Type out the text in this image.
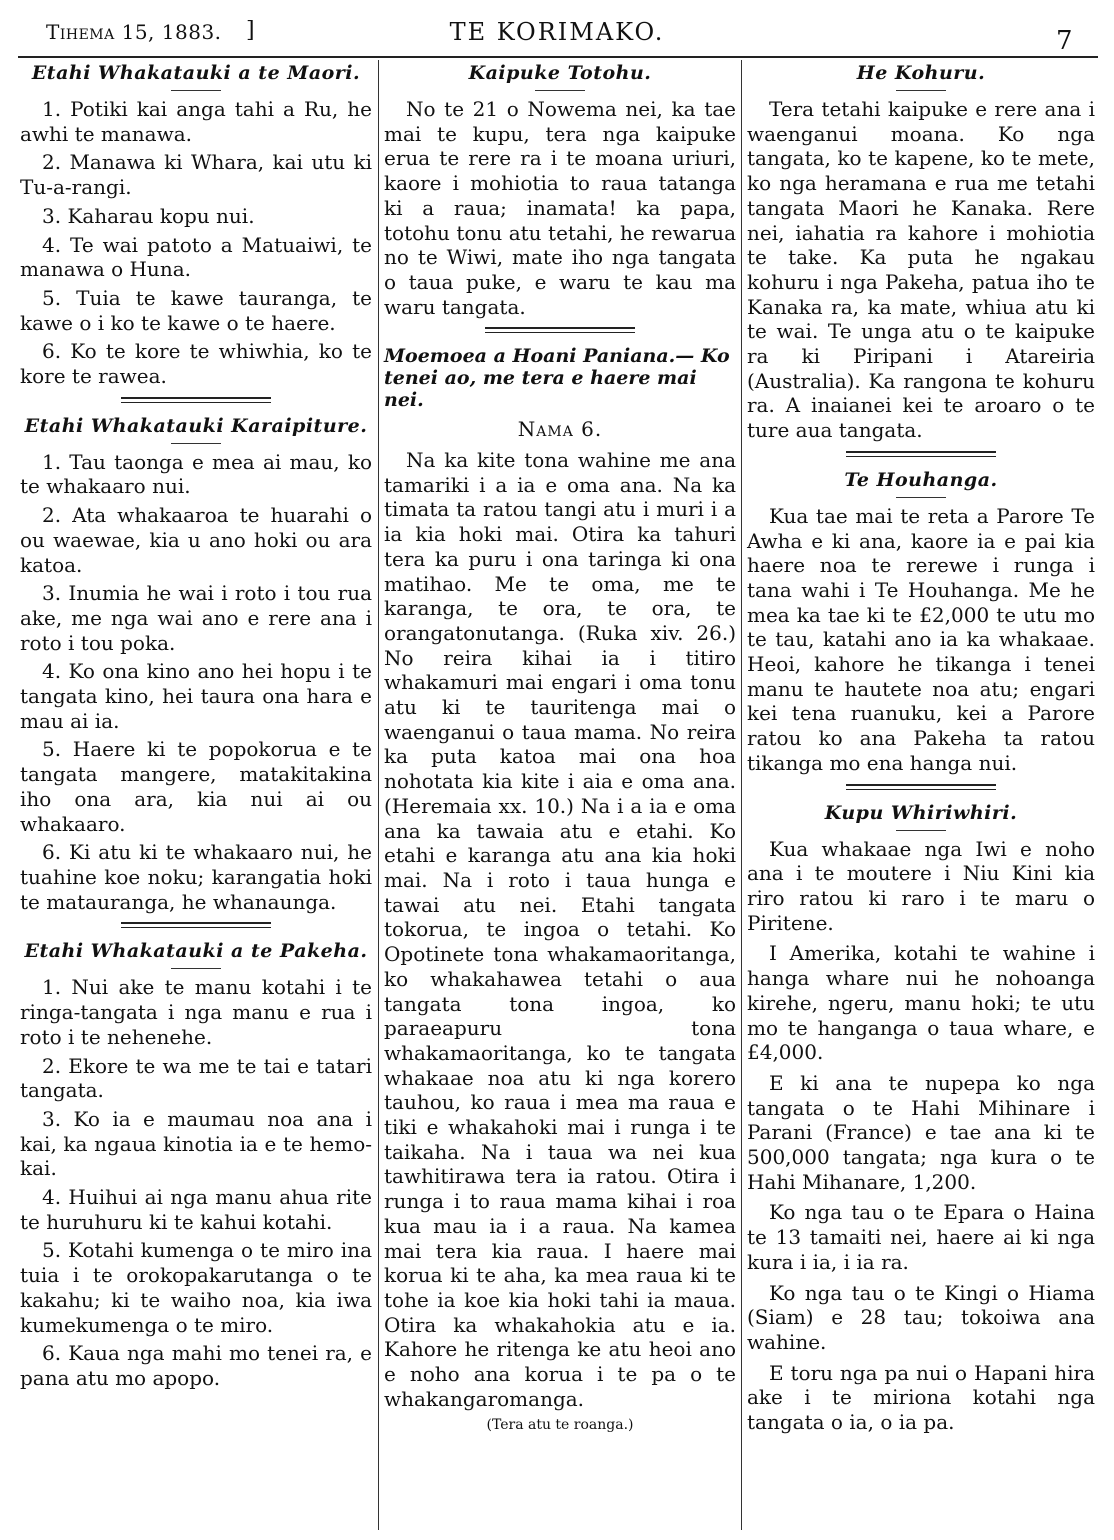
Tihema 15, 1883. ]	TE KORIMAKO.	7

Etahi Whakatauki a te Maori.

1. Potiki kai anga tahi a Ru, he awhi te manawa.

2. Manawa ki Whara, kai utu ki Tu-a-rangi.

3. Kaharau kopu nui.

4. Te wai patoto a Matuaiwi, te manawa o Huna.

5. Tuia te kawe tauranga, te kawe o i ko te kawe o te haere.

6. Ko te kore te whiwhia, ko te kore te rawea.

Etahi Whakatauki Karaipiture.

1. Tau taonga e mea ai mau, ko te whakaaro nui.

2. Ata whakaaroa te huarahi o ou waewae, kia u ano hoki ou ara katoa.

3. Inumia he wai i roto i tou rua ake, me nga wai ano e rere ana i roto i tou poka.

4. Ko ona kino ano hei hopu i te tangata kino, hei taura ona hara e mau ai ia.

5. Haere ki te popokorua e te tangata mangere, matakitakina iho ona ara, kia nui ai ou whakaaro.

6. Ki atu ki te whakaaro nui, he tuahine koe noku; karangatia hoki te matauranga, he whanaunga.

Etahi Whakatauki a te Pakeha.

1. Nui ake te manu kotahi i te ringa-tangata i nga manu e rua i roto i te nehenehe.

2. Ekore te wa me te tai e tatari tangata.

3. Ko ia e maumau noa ana i kai, ka ngaua kinotia ia e te hemo-kai.

4. Huihui ai nga manu ahua rite te huruhuru ki te kahui kotahi.

5. Kotahi kumenga o te miro ina tuia i te orokopakarutanga o te kakahu; ki te waiho noa, kia iwa kumekumenga o te miro.

6. Kaua nga mahi mo tenei ra, e pana atu mo apopo.

Kaipuke Totohu.

No te 21 o Nowema nei, ka tae mai te kupu, tera nga kaipuke erua te rere ra i te moana uriuri, kaore i mohiotia to raua tatanga ki a raua; inamata! ka papa, totohu tonu atu tetahi, he rewarua no te Wiwi, mate iho nga tangata o taua puke, e waru te kau ma waru tangata.

Moemoea a Hoani Paniana.— Ko tenei ao, me tera e haere mai nei.

Nama 6.

Na ka kite tona wahine me ana tamariki i a ia e oma ana. Na ka timata ta ratou tangi atu i muri i a ia kia hoki mai. Otira ka tahuri tera ka puru i ona taringa ki ona matihao. Me te oma, me te karanga, te ora, te ora, te orangatonutanga. (Ruka xiv. 26.) No reira kihai ia i titiro whakamuri mai engari i oma tonu atu ki te tauritenga mai o waenganui o taua mama. No reira ka puta katoa mai ona hoa nohotata kia kite i aia e oma ana. (Heremaia xx. 10.) Na i a ia e oma ana ka tawaia atu e etahi. Ko etahi e karanga atu ana kia hoki mai. Na i roto i taua hunga e tawai atu nei. Etahi tangata tokorua, te ingoa o tetahi. Ko Opotinete tona whakamaoritanga, ko whakahawea tetahi o aua tangata tona ingoa, ko paraeapuru tona whakamaoritanga, ko te tangata whakaae noa atu ki nga korero tauhou, ko raua i mea ma raua e tiki e whakahoki mai i runga i te taikaha. Na i taua wa nei kua tawhitirawa tera ia ratou. Otira i runga i to raua mama kihai i roa kua mau ia i a raua. Na kamea mai tera kia raua. I haere mai korua ki te aha, ka mea raua ki te tohe ia koe kia hoki tahi ia maua. Otira ka whakahokia atu e ia. Kahore he ritenga ke atu heoi ano e noho ana korua i te pa o te whakangaromanga.

(Tera atu te roanga.)

He Kohuru.

Tera tetahi kaipuke e rere ana i waenganui moana. Ko nga tangata, ko te kapene, ko te mete, ko nga heramana e rua me tetahi tangata Maori he Kanaka. Rere nei, iahatia ra kahore i mohiotia te take. Ka puta he ngakau kohuru i nga Pakeha, patua iho te Kanaka ra, ka mate, whiua atu ki te wai. Te unga atu o te kaipuke ra ki Piripani i Atareiria (Australia). Ka rangona te kohuru ra. A inaianei kei te aroaro o te ture aua tangata.

Te Houhanga.

Kua tae mai te reta a Parore Te Awha e ki ana, kaore ia e pai kia haere noa te rerewe i runga i tana wahi i Te Houhanga. Me he mea ka tae ki te £2,000 te utu mo te tau, katahi ano ia ka whakaae. Heoi, kahore he tikanga i tenei manu te hautete noa atu; engari kei tena ruanuku, kei a Parore ratou ko ana Pakeha ta ratou tikanga mo ena hanga nui.

Kupu Whiriwhiri.

Kua whakaae nga Iwi e noho ana i te moutere i Niu Kini kia riro ratou ki raro i te maru o Piritene.

I Amerika, kotahi te wahine i hanga whare nui he nohoanga kirehe, ngeru, manu hoki; te utu mo te hanganga o taua whare, e £4,000.

E ki ana te nupepa ko nga tangata o te Hahi Mihinare i Parani (France) e tae ana ki te 500,000 tangata; nga kura o te Hahi Mihanare, 1,200.

Ko nga tau o te Epara o Haina te 13 tamaiti nei, haere ai ki nga kura i ia, i ia ra.

Ko nga tau o te Kingi o Hiama (Siam) e 28 tau; tokoiwa ana wahine.

E toru nga pa nui o Hapani hira ake i te miriona kotahi nga tangata o ia, o ia pa.
